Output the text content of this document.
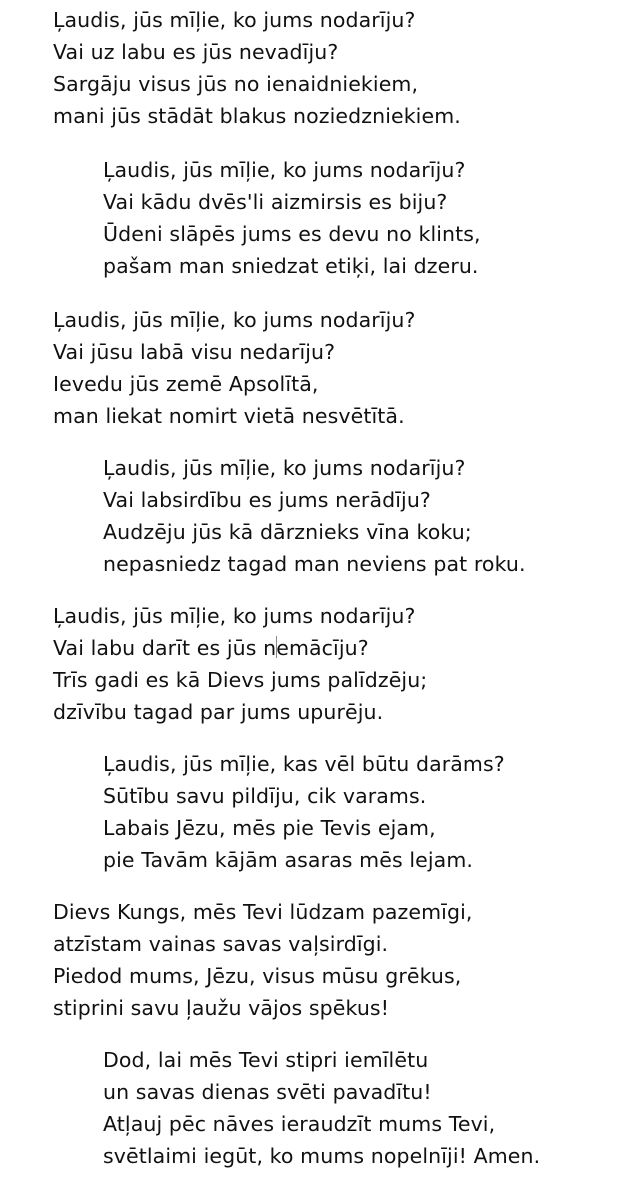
Ļaudis, jūs mīļie, ko jums nodarīju?
Vai uz labu es jūs nevadīju?
Sargāju visus jūs no ienaidniekiem,
mani jūs stādāt blakus noziedzniekiem.
Ļaudis, jūs mīļie, ko jums nodarīju?
Vai kādu dvēs'li aizmirsis es biju?
Ūdeni slāpēs jums es devu no klints,
pašam man sniedzat etiķi, lai dzeru.
Ļaudis, jūs mīļie, ko jums nodarīju?
Vai jūsu labā visu nedarīju?
Ievedu jūs zemē Apsolītā,
man liekat nomirt vietā nesvētītā.
Ļaudis, jūs mīļie, ko jums nodarīju?
Vai labsirdību es jums nerādīju?
Audzēju jūs kā dārznieks vīna koku;
nepasniedz tagad man neviens pat roku.
Ļaudis, jūs mīļie, ko jums nodarīju?
Vai labu darīt es jūs nemācīju?
Trīs gadi es kā Dievs jums palīdzēju;
dzīvību tagad par jums upurēju.
Ļaudis, jūs mīļie, kas vēl būtu darāms?
Sūtību savu pildīju, cik varams.
Labais Jēzu, mēs pie Tevis ejam,
pie Tavām kājām asaras mēs lejam.
Dievs Kungs, mēs Tevi lūdzam pazemīgi,
atzīstam vainas savas vaļsirdīgi.
Piedod mums, Jēzu, visus mūsu grēkus,
stiprini savu ļaužu vājos spēkus!
Dod, lai mēs Tevi stipri iemīlētu
un savas dienas svēti pavadītu!
Atļauj pēc nāves ieraudzīt mums Tevi,
svētlaimi iegūt, ko mums nopelnīji! Amen.
